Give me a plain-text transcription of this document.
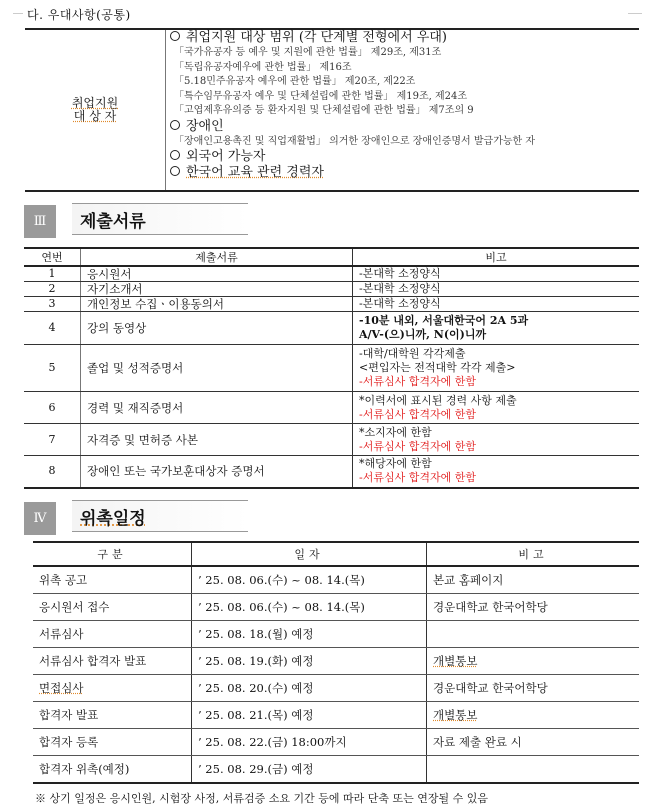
다. 우대사항(공통)
취업지원
대 상 자
취업지원 대상 범위 (각 단계별 전형에서 우대)
「국가유공자 등 예우 및 지원에 관한 법률」 제29조, 제31조
「독립유공자예우에 관한 법률」 제16조
「5.18민주유공자 예우에 관한 법률」 제20조, 제22조
「특수임무유공자 예우 및 단체설립에 관한 법률」 제19조, 제24조
「고엽제후유의증 등 환자지원 및 단체설립에 관한 법률」 제7조의 9
장애인
「장애인고용촉진 및 직업재활법」 의거한 장애인으로 장애인증명서 발급가능한 자
외국어 가능자
한국어 교육 관련 경력자
Ⅲ	제출서류
연번	제출서류	비고
1	응시원서	-본대학 소정양식

2	자기소개서	-본대학 소정양식

3	개인정보 수집ㆍ이용동의서	-본대학 소정양식

4	강의 동영상	-10분 내외, 서울대한국어 2A 5과
A/V-(으)니까, N(이)니까

5	졸업 및 성적증명서	-대학/대학원 각각제출
<편입자는 전적대학 각각 제출>
-서류심사 합격자에 한함

6	경력 및 재직증명서	*이력서에 표시된 경력 사항 제출
-서류심사 합격자에 한함

7	자격증 및 면허증 사본	*소지자에 한함
-서류심사 합격자에 한함

8	장애인 또는 국가보훈대상자 증명서	*해당자에 한함
-서류심사 합격자에 한함
Ⅳ	위촉일정
구분	일자	비고
위촉 공고	’ 25. 08. 06.(수) ~ 08. 14.(목)	본교 홈페이지
응시원서 접수	’ 25. 08. 06.(수) ~ 08. 14.(목)	경운대학교 한국어학당
서류심사	’ 25. 08. 18.(월) 예정	
서류심사 합격자 발표	’ 25. 08. 19.(화) 예정	개별통보
면접심사	’ 25. 08. 20.(수) 예정	경운대학교 한국어학당
합격자 발표	’ 25. 08. 21.(목) 예정	개별통보
합격자 등록	’ 25. 08. 22.(금) 18:00까지	자료 제출 완료 시
합격자 위촉(예정)	’ 25. 08. 29.(금) 예정	
※ 상기 일정은 응시인원, 시험장 사정, 서류검증 소요 기간 등에 따라 단축 또는 연장될 수 있음
